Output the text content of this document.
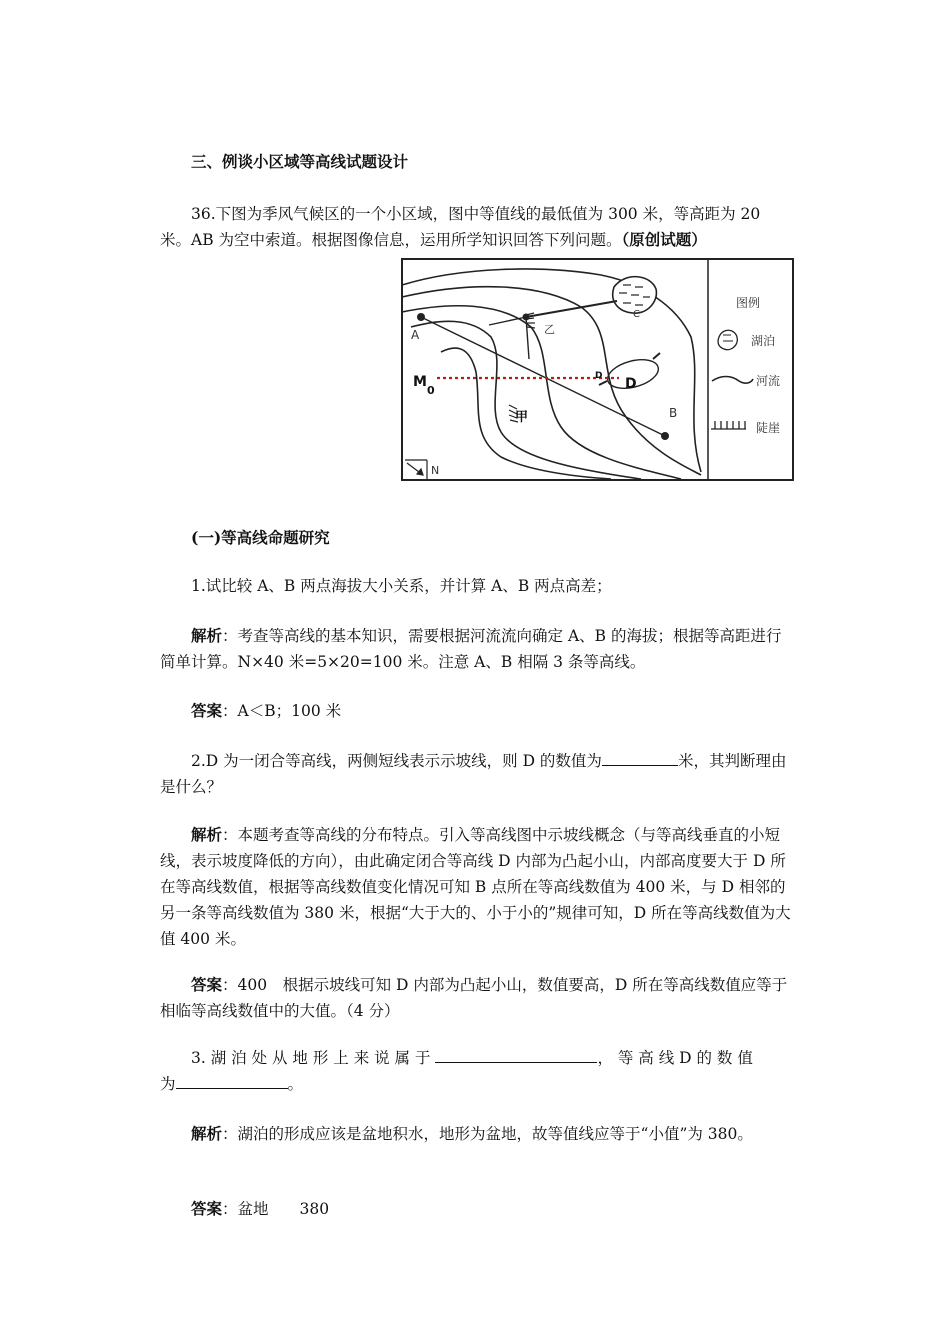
三、例谈小区域等高线试题设计

36.下图为季风气候区的一个小区域，图中等值线的最低值为 300 米，等高距为 20 米。AB 为空中索道。根据图像信息，运用所学知识回答下列问题。（原创试题）

A
B
C
D
D
乙
M
0
甲
N
图例
湖泊
河流
陡崖
(一)等高线命题研究

1.试比较 A、B 两点海拔大小关系，并计算 A、B 两点高差；

解析：考查等高线的基本知识，需要根据河流流向确定 A、B 的海拔；根据等高距进行简单计算。N×40 米=5×20=100 米。注意 A、B 相隔 3 条等高线。

答案：A＜B；100 米

2.D 为一闭合等高线，两侧短线表示示坡线，则 D 的数值为	米，其判断理由是什么？

解析：本题考查等高线的分布特点。引入等高线图中示坡线概念（与等高线垂直的小短线，表示坡度降低的方向），由此确定闭合等高线 D 内部为凸起小山，内部高度要大于 D 所在等高线数值，根据等高线数值变化情况可知 B 点所在等高线数值为 400 米，与 D 相邻的另一条等高线数值为 380 米，根据“大于大的、小于小的”规律可知，D 所在等高线数值为大值 400 米。

答案：400　根据示坡线可知 D 内部为凸起小山，数值要高，D 所在等高线数值应等于相临等高线数值中的大值。（4 分）

3. 湖 泊 处 从 地 形 上 来 说 属 于	， 等 高 线 D 的 数 值
为	。

解析：湖泊的形成应该是盆地积水，地形为盆地，故等值线应等于“小值”为 380。

答案：盆地　　380
